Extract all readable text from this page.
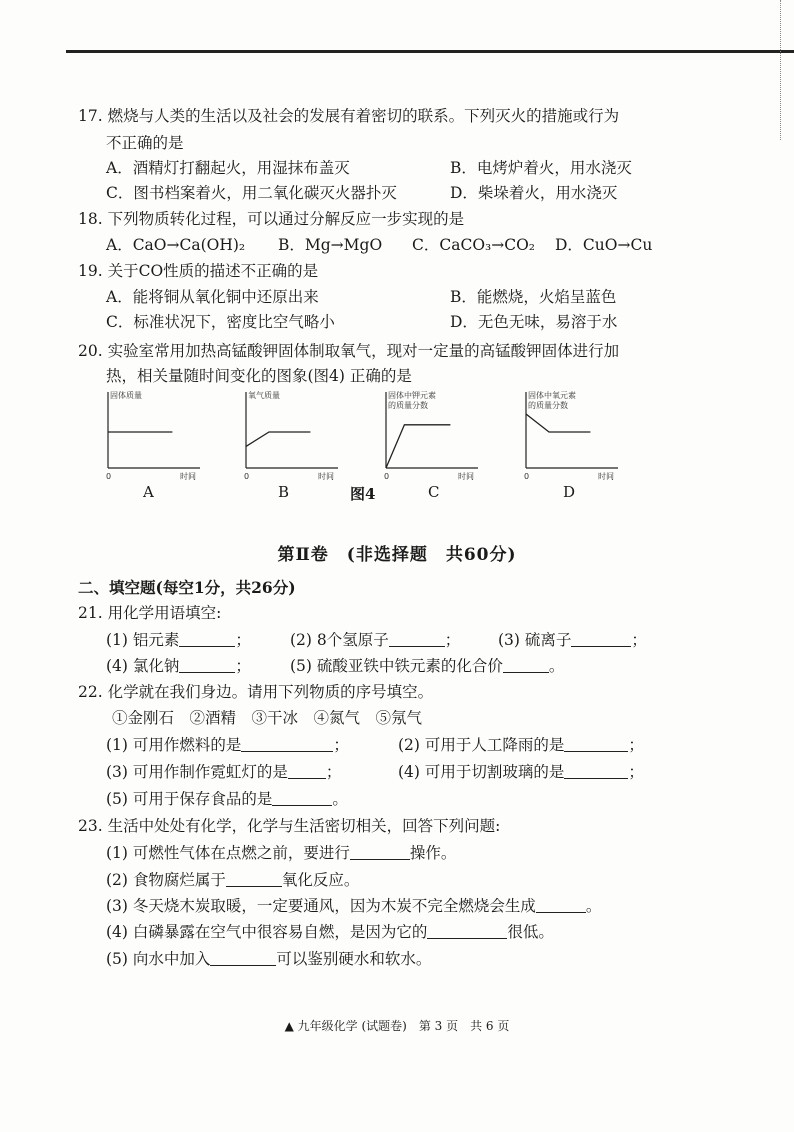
17. 燃烧与人类的生活以及社会的发展有着密切的联系。下列灭火的措施或行为
不正确的是
A．酒精灯打翻起火，用湿抹布盖灭	B．电烤炉着火，用水浇灭
C．图书档案着火，用二氧化碳灭火器扑灭	D．柴垛着火，用水浇灭
18. 下列物质转化过程，可以通过分解反应一步实现的是
A．CaO→Ca(OH)₂ B．Mg→MgO C．CaCO₃→CO₂ D．CuO→Cu
19. 关于CO性质的描述不正确的是
A．能将铜从氧化铜中还原出来	B．能燃烧，火焰呈蓝色
C．标准状况下，密度比空气略小	D．无色无味，易溶于水
20. 实验室常用加热高锰酸钾固体制取氧气，现对一定量的高锰酸钾固体进行加
热，相关量随时间变化的图象(图4) 正确的是
固体质量
0	时间
氧气质量
0	时间
固体中钾元素的质量分数
0	时间
固体中氧元素的质量分数
0	时间
A	B	图4	C	D
第Ⅱ卷　(非选择题　共60分)
二、填空题(每空1分，共26分)
21. 用化学用语填空:
(1) 铝元素	；	(2) 8个氢原子	； (3) 硫离子	；
(4) 氯化钠	；	(5) 硫酸亚铁中铁元素的化合价	。
22. 化学就在我们身边。请用下列物质的序号填空。
①金刚石　②酒精　③干冰　④氮气　⑤氖气
(1) 可用作燃料的是	；	(2) 可用于人工降雨的是	；
(3) 可用作制作霓虹灯的是 ；	(4) 可用于切割玻璃的是	；
(5) 可用于保存食品的是	。
23. 生活中处处有化学，化学与生活密切相关，回答下列问题:
(1) 可燃性气体在点燃之前，要进行	操作。
(2) 食物腐烂属于	氧化反应。
(3) 冬天烧木炭取暖，一定要通风，因为木炭不完全燃烧会生成	。
(4) 白磷暴露在空气中很容易自燃，是因为它的	很低。
(5) 向水中加入	可以鉴别硬水和软水。
▲ 九年级化学 (试题卷)　第 3 页　共 6 页
